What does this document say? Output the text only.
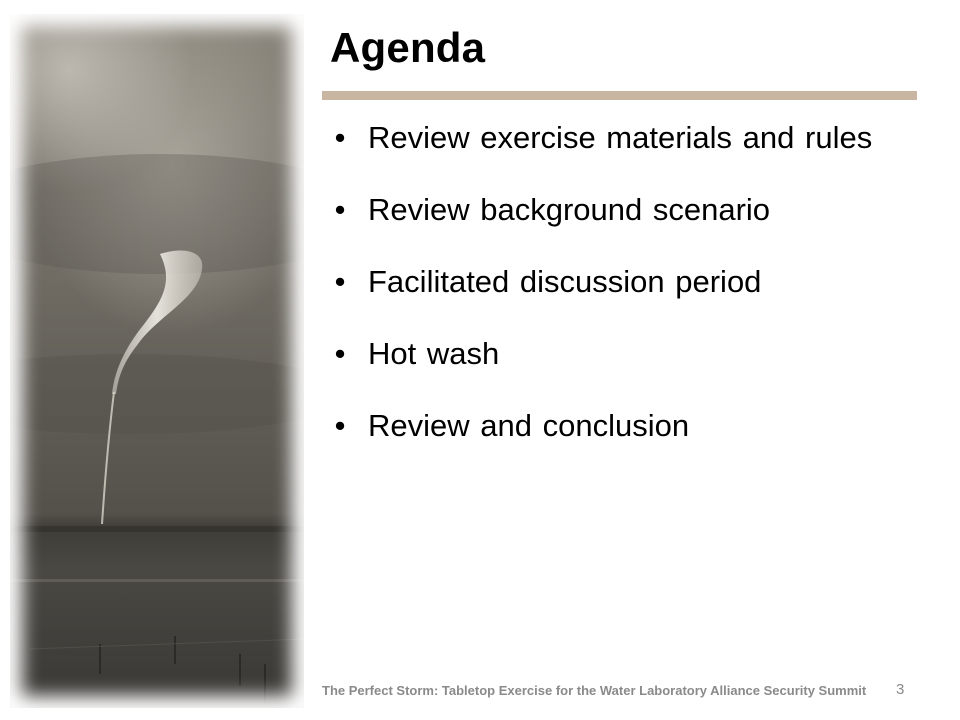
Agenda
• Review exercise materials and rules
• Review background scenario
• Facilitated discussion period
• Hot wash
• Review and conclusion
The Perfect Storm: Tabletop Exercise for the Water Laboratory Alliance Security Summit 3
